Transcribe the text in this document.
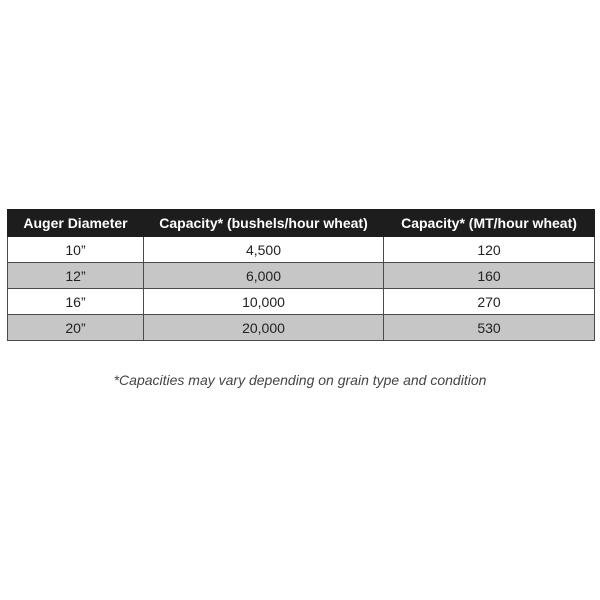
Auger Diameter	Capacity* (bushels/hour wheat)	Capacity* (MT/hour wheat)
10”	4,500	120
12”	6,000	160
16”	10,000	270
20”	20,000	530
*Capacities may vary depending on grain type and condition
